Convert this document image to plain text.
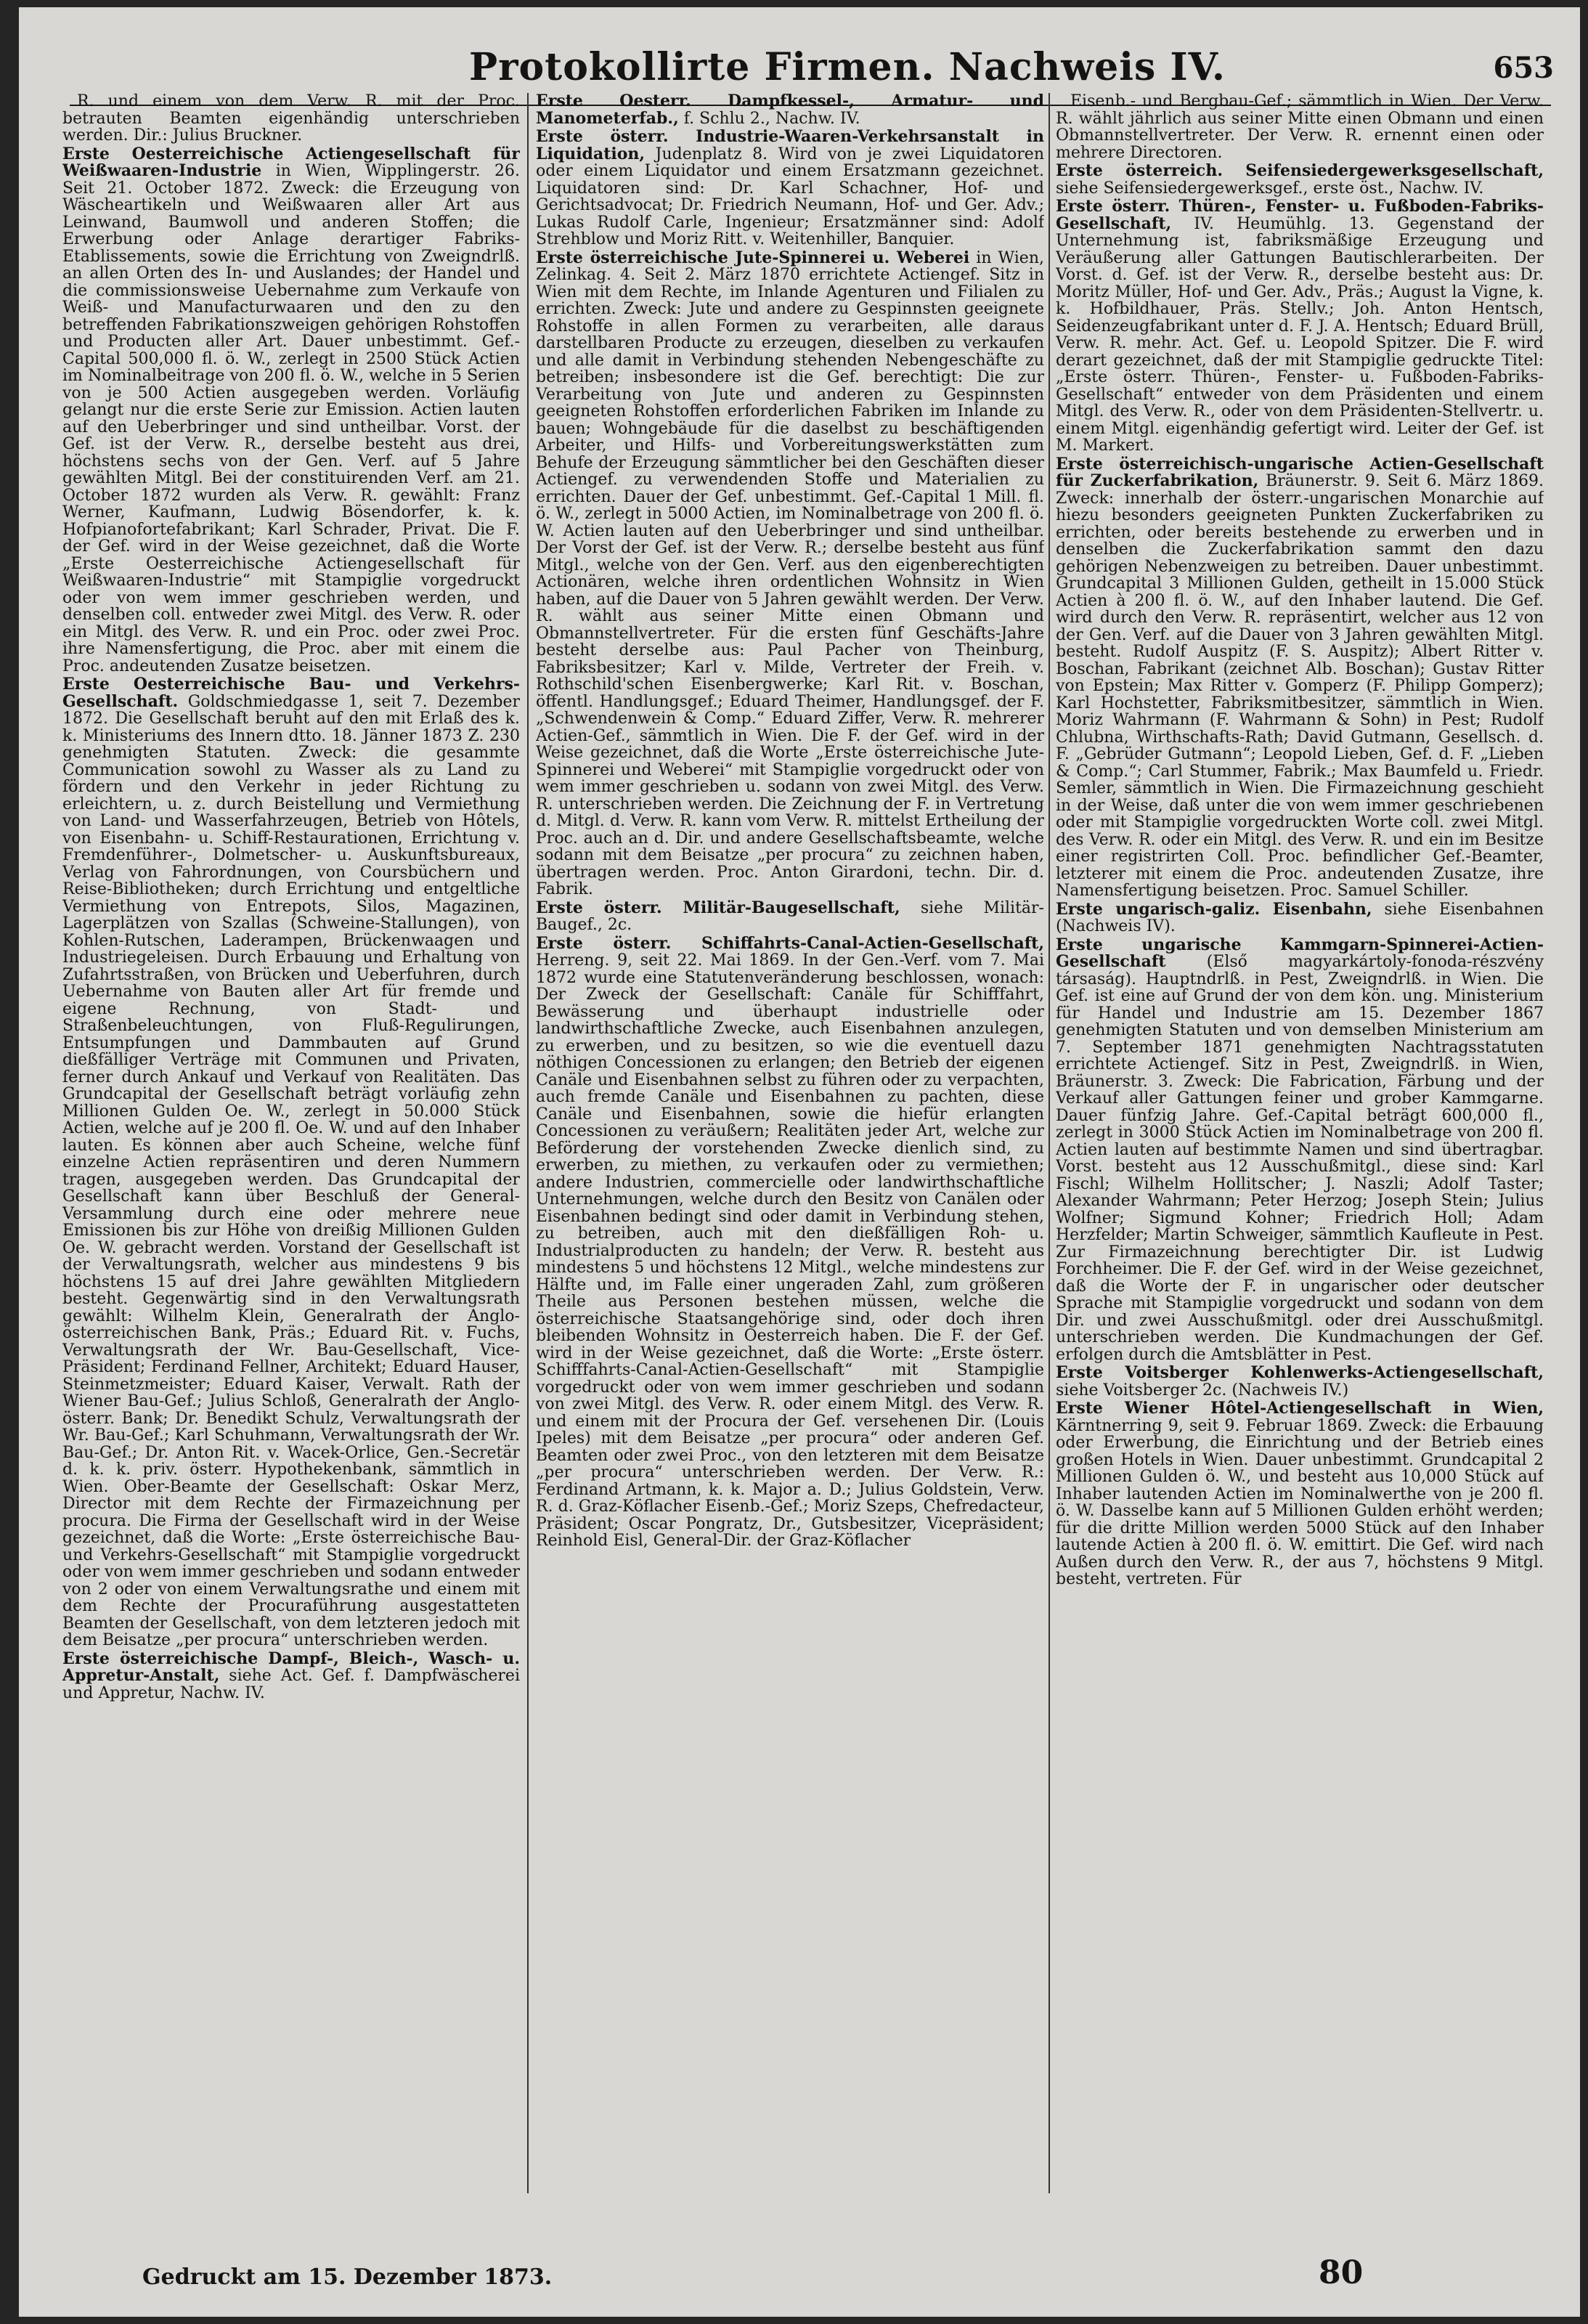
Protokollirte Firmen. Nachweis IV.	653

R. und einem von dem Verw. R. mit der Proc. betrauten Beamten eigenhändig unterschrieben werden. Dir.: Julius Bruckner.

Erste Oesterreichische Actiengesellschaft für Weißwaaren-Industrie in Wien, Wipplingerstr. 26. Seit 21. October 1872. Zweck: die Erzeugung von Wäscheartikeln und Weißwaaren aller Art aus Leinwand, Baumwoll und anderen Stoffen; die Erwerbung oder Anlage derartiger Fabriks-Etablissements, sowie die Errichtung von Zweigndrlß. an allen Orten des In- und Auslandes; der Handel und die commissionsweise Uebernahme zum Verkaufe von Weiß- und Manufacturwaaren und den zu den betreffenden Fabrikationszweigen gehörigen Rohstoffen und Producten aller Art. Dauer unbestimmt. Gef.-Capital 500,000 fl. ö. W., zerlegt in 2500 Stück Actien im Nominalbeitrage von 200 fl. ö. W., welche in 5 Serien von je 500 Actien ausgegeben werden. Vorläufig gelangt nur die erste Serie zur Emission. Actien lauten auf den Ueberbringer und sind untheilbar. Vorst. der Gef. ist der Verw. R., derselbe besteht aus drei, höchstens sechs von der Gen. Verf. auf 5 Jahre gewählten Mitgl. Bei der constituirenden Verf. am 21. October 1872 wurden als Verw. R. gewählt: Franz Werner, Kaufmann, Ludwig Bösendorfer, k. k. Hofpianofortefabrikant; Karl Schrader, Privat. Die F. der Gef. wird in der Weise gezeichnet, daß die Worte „Erste Oesterreichische Actiengesellschaft für Weißwaaren-Industrie“ mit Stampiglie vorgedruckt oder von wem immer geschrieben werden, und denselben coll. entweder zwei Mitgl. des Verw. R. oder ein Mitgl. des Verw. R. und ein Proc. oder zwei Proc. ihre Namensfertigung, die Proc. aber mit einem die Proc. andeutenden Zusatze beisetzen.

Erste Oesterreichische Bau- und Verkehrs-Gesellschaft. Goldschmiedgasse 1, seit 7. Dezember 1872. Die Gesellschaft beruht auf den mit Erlaß des k. k. Ministeriums des Innern dtto. 18. Jänner 1873 Z. 230 genehmigten Statuten. Zweck: die gesammte Communication sowohl zu Wasser als zu Land zu fördern und den Verkehr in jeder Richtung zu erleichtern, u. z. durch Beistellung und Vermiethung von Land- und Wasserfahrzeugen, Betrieb von Hôtels, von Eisenbahn- u. Schiff-Restaurationen, Errichtung v. Fremdenführer-, Dolmetscher- u. Auskunftsbureaux, Verlag von Fahrordnungen, von Coursbüchern und Reise-Bibliotheken; durch Errichtung und entgeltliche Vermiethung von Entrepots, Silos, Magazinen, Lagerplätzen von Szallas (Schweine-Stallungen), von Kohlen-Rutschen, Laderampen, Brückenwaagen und Industriegeleisen. Durch Erbauung und Erhaltung von Zufahrtsstraßen, von Brücken und Ueberfuhren, durch Uebernahme von Bauten aller Art für fremde und eigene Rechnung, von Stadt- und Straßenbeleuchtungen, von Fluß-Regulirungen, Entsumpfungen und Dammbauten auf Grund dießfälliger Verträge mit Communen und Privaten, ferner durch Ankauf und Verkauf von Realitäten. Das Grundcapital der Gesellschaft beträgt vorläufig zehn Millionen Gulden Oe. W., zerlegt in 50.000 Stück Actien, welche auf je 200 fl. Oe. W. und auf den Inhaber lauten. Es können aber auch Scheine, welche fünf einzelne Actien repräsentiren und deren Nummern tragen, ausgegeben werden. Das Grundcapital der Gesellschaft kann über Beschluß der General-Versammlung durch eine oder mehrere neue Emissionen bis zur Höhe von dreißig Millionen Gulden Oe. W. gebracht werden. Vorstand der Gesellschaft ist der Verwaltungsrath, welcher aus mindestens 9 bis höchstens 15 auf drei Jahre gewählten Mitgliedern besteht. Gegenwärtig sind in den Verwaltungsrath gewählt: Wilhelm Klein, Generalrath der Anglo-österreichischen Bank, Präs.; Eduard Rit. v. Fuchs, Verwaltungsrath der Wr. Bau-Gesellschaft, Vice-Präsident; Ferdinand Fellner, Architekt; Eduard Hauser, Steinmetzmeister; Eduard Kaiser, Verwalt. Rath der Wiener Bau-Gef.; Julius Schloß, Generalrath der Anglo-österr. Bank; Dr. Benedikt Schulz, Verwaltungsrath der Wr. Bau-Gef.; Karl Schuhmann, Verwaltungsrath der Wr. Bau-Gef.; Dr. Anton Rit. v. Wacek-Orlice, Gen.-Secretär d. k. k. priv. österr. Hypothekenbank, sämmtlich in Wien. Ober-Beamte der Gesellschaft: Oskar Merz, Director mit dem Rechte der Firmazeichnung per procura. Die Firma der Gesellschaft wird in der Weise gezeichnet, daß die Worte: „Erste österreichische Bau- und Verkehrs-Gesellschaft“ mit Stampiglie vorgedruckt oder von wem immer geschrieben und sodann entweder von 2 oder von einem Verwaltungsrathe und einem mit dem Rechte der Procuraführung ausgestatteten Beamten der Gesellschaft, von dem letzteren jedoch mit dem Beisatze „per procura“ unterschrieben werden.

Erste österreichische Dampf-, Bleich-, Wasch- u. Appretur-Anstalt, siehe Act. Gef. f. Dampfwäscherei und Appretur, Nachw. IV.

Erste Oesterr. Dampfkessel-, Armatur- und Manometerfab., f. Schlu 2., Nachw. IV.

Erste österr. Industrie-Waaren-Verkehrsanstalt in Liquidation, Judenplatz 8. Wird von je zwei Liquidatoren oder einem Liquidator und einem Ersatzmann gezeichnet. Liquidatoren sind: Dr. Karl Schachner, Hof- und Gerichtsadvocat; Dr. Friedrich Neumann, Hof- und Ger. Adv.; Lukas Rudolf Carle, Ingenieur; Ersatzmänner sind: Adolf Strehblow und Moriz Ritt. v. Weitenhiller, Banquier.

Erste österreichische Jute-Spinnerei u. Weberei in Wien, Zelinkag. 4. Seit 2. März 1870 errichtete Actiengef. Sitz in Wien mit dem Rechte, im Inlande Agenturen und Filialen zu errichten. Zweck: Jute und andere zu Gespinnsten geeignete Rohstoffe in allen Formen zu verarbeiten, alle daraus darstellbaren Producte zu erzeugen, dieselben zu verkaufen und alle damit in Verbindung stehenden Nebengeschäfte zu betreiben; insbesondere ist die Gef. berechtigt: Die zur Verarbeitung von Jute und anderen zu Gespinnsten geeigneten Rohstoffen erforderlichen Fabriken im Inlande zu bauen; Wohngebäude für die daselbst zu beschäftigenden Arbeiter, und Hilfs- und Vorbereitungswerkstätten zum Behufe der Erzeugung sämmtlicher bei den Geschäften dieser Actiengef. zu verwendenden Stoffe und Materialien zu errichten. Dauer der Gef. unbestimmt. Gef.-Capital 1 Mill. fl. ö. W., zerlegt in 5000 Actien, im Nominalbetrage von 200 fl. ö. W. Actien lauten auf den Ueberbringer und sind untheilbar. Der Vorst der Gef. ist der Verw. R.; derselbe besteht aus fünf Mitgl., welche von der Gen. Verf. aus den eigenberechtigten Actionären, welche ihren ordentlichen Wohnsitz in Wien haben, auf die Dauer von 5 Jahren gewählt werden. Der Verw. R. wählt aus seiner Mitte einen Obmann und Obmannstellvertreter. Für die ersten fünf Geschäfts-Jahre besteht derselbe aus: Paul Pacher von Theinburg, Fabriksbesitzer; Karl v. Milde, Vertreter der Freih. v. Rothschild'schen Eisenbergwerke; Karl Rit. v. Boschan, öffentl. Handlungsgef.; Eduard Theimer, Handlungsgef. der F. „Schwendenwein & Comp.“ Eduard Ziffer, Verw. R. mehrerer Actien-Gef., sämmtlich in Wien. Die F. der Gef. wird in der Weise gezeichnet, daß die Worte „Erste österreichische Jute-Spinnerei und Weberei“ mit Stampiglie vorgedruckt oder von wem immer geschrieben u. sodann von zwei Mitgl. des Verw. R. unterschrieben werden. Die Zeichnung der F. in Vertretung d. Mitgl. d. Verw. R. kann vom Verw. R. mittelst Ertheilung der Proc. auch an d. Dir. und andere Gesellschaftsbeamte, welche sodann mit dem Beisatze „per procura“ zu zeichnen haben, übertragen werden. Proc. Anton Girardoni, techn. Dir. d. Fabrik.

Erste österr. Militär-Baugesellschaft, siehe Militär-Baugef., 2c.

Erste österr. Schiffahrts-Canal-Actien-Gesellschaft, Herreng. 9, seit 22. Mai 1869. In der Gen.-Verf. vom 7. Mai 1872 wurde eine Statutenveränderung beschlossen, wonach: Der Zweck der Gesellschaft: Canäle für Schifffahrt, Bewässerung und überhaupt industrielle oder landwirthschaftliche Zwecke, auch Eisenbahnen anzulegen, zu erwerben, und zu besitzen, so wie die eventuell dazu nöthigen Concessionen zu erlangen; den Betrieb der eigenen Canäle und Eisenbahnen selbst zu führen oder zu verpachten, auch fremde Canäle und Eisenbahnen zu pachten, diese Canäle und Eisenbahnen, sowie die hiefür erlangten Concessionen zu veräußern; Realitäten jeder Art, welche zur Beförderung der vorstehenden Zwecke dienlich sind, zu erwerben, zu miethen, zu verkaufen oder zu vermiethen; andere Industrien, commercielle oder landwirthschaftliche Unternehmungen, welche durch den Besitz von Canälen oder Eisenbahnen bedingt sind oder damit in Verbindung stehen, zu betreiben, auch mit den dießfälligen Roh- u. Industrialproducten zu handeln; der Verw. R. besteht aus mindestens 5 und höchstens 12 Mitgl., welche mindestens zur Hälfte und, im Falle einer ungeraden Zahl, zum größeren Theile aus Personen bestehen müssen, welche die österreichische Staatsangehörige sind, oder doch ihren bleibenden Wohnsitz in Oesterreich haben. Die F. der Gef. wird in der Weise gezeichnet, daß die Worte: „Erste österr. Schifffahrts-Canal-Actien-Gesellschaft“ mit Stampiglie vorgedruckt oder von wem immer geschrieben und sodann von zwei Mitgl. des Verw. R. oder einem Mitgl. des Verw. R. und einem mit der Procura der Gef. versehenen Dir. (Louis Ipeles) mit dem Beisatze „per procura“ oder anderen Gef. Beamten oder zwei Proc., von den letzteren mit dem Beisatze „per procura“ unterschrieben werden. Der Verw. R.: Ferdinand Artmann, k. k. Major a. D.; Julius Goldstein, Verw. R. d. Graz-Köflacher Eisenb.-Gef.; Moriz Szeps, Chefredacteur, Präsident; Oscar Pongratz, Dr., Gutsbesitzer, Vicepräsident; Reinhold Eisl, General-Dir. der Graz-Köflacher

Eisenb.- und Bergbau-Gef.; sämmtlich in Wien. Der Verw. R. wählt jährlich aus seiner Mitte einen Obmann und einen Obmannstellvertreter. Der Verw. R. ernennt einen oder mehrere Directoren.

Erste österreich. Seifensiedergewerksgesellschaft, siehe Seifensiedergewerksgef., erste öst., Nachw. IV.

Erste österr. Thüren-, Fenster- u. Fußboden-Fabriks-Gesellschaft, IV. Heumühlg. 13. Gegenstand der Unternehmung ist, fabriksmäßige Erzeugung und Veräußerung aller Gattungen Bautischlerarbeiten. Der Vorst. d. Gef. ist der Verw. R., derselbe besteht aus: Dr. Moritz Müller, Hof- und Ger. Adv., Präs.; August la Vigne, k. k. Hofbildhauer, Präs. Stellv.; Joh. Anton Hentsch, Seidenzeugfabrikant unter d. F. J. A. Hentsch; Eduard Brüll, Verw. R. mehr. Act. Gef. u. Leopold Spitzer. Die F. wird derart gezeichnet, daß der mit Stampiglie gedruckte Titel: „Erste österr. Thüren-, Fenster- u. Fußboden-Fabriks-Gesellschaft“ entweder von dem Präsidenten und einem Mitgl. des Verw. R., oder von dem Präsidenten-Stellvertr. u. einem Mitgl. eigenhändig gefertigt wird. Leiter der Gef. ist M. Markert.

Erste österreichisch-ungarische Actien-Gesellschaft für Zuckerfabrikation, Bräunerstr. 9. Seit 6. März 1869. Zweck: innerhalb der österr.-ungarischen Monarchie auf hiezu besonders geeigneten Punkten Zuckerfabriken zu errichten, oder bereits bestehende zu erwerben und in denselben die Zuckerfabrikation sammt den dazu gehörigen Nebenzweigen zu betreiben. Dauer unbestimmt. Grundcapital 3 Millionen Gulden, getheilt in 15.000 Stück Actien à 200 fl. ö. W., auf den Inhaber lautend. Die Gef. wird durch den Verw. R. repräsentirt, welcher aus 12 von der Gen. Verf. auf die Dauer von 3 Jahren gewählten Mitgl. besteht. Rudolf Auspitz (F. S. Auspitz); Albert Ritter v. Boschan, Fabrikant (zeichnet Alb. Boschan); Gustav Ritter von Epstein; Max Ritter v. Gomperz (F. Philipp Gomperz); Karl Hochstetter, Fabriksmitbesitzer, sämmtlich in Wien. Moriz Wahrmann (F. Wahrmann & Sohn) in Pest; Rudolf Chlubna, Wirthschafts-Rath; David Gutmann, Gesellsch. d. F. „Gebrüder Gutmann“; Leopold Lieben, Gef. d. F. „Lieben & Comp.“; Carl Stummer, Fabrik.; Max Baumfeld u. Friedr. Semler, sämmtlich in Wien. Die Firmazeichnung geschieht in der Weise, daß unter die von wem immer geschriebenen oder mit Stampiglie vorgedruckten Worte coll. zwei Mitgl. des Verw. R. oder ein Mitgl. des Verw. R. und ein im Besitze einer registrirten Coll. Proc. befindlicher Gef.-Beamter, letzterer mit einem die Proc. andeutenden Zusatze, ihre Namensfertigung beisetzen. Proc. Samuel Schiller.

Erste ungarisch-galiz. Eisenbahn, siehe Eisenbahnen (Nachweis IV).

Erste ungarische Kammgarn-Spinnerei-Actien-Gesellschaft	(Első magyarkártoly-fonoda-részvény társaság). Hauptndrlß. in Pest, Zweigndrlß. in Wien. Die Gef. ist eine auf Grund der von dem kön. ung. Ministerium für Handel und Industrie am 15. Dezember 1867 genehmigten Statuten und von demselben Ministerium am 7. September 1871 genehmigten Nachtragsstatuten errichtete Actiengef. Sitz in Pest, Zweigndrlß. in Wien, Bräunerstr. 3. Zweck: Die Fabrication, Färbung und der Verkauf aller Gattungen feiner und grober Kammgarne. Dauer fünfzig Jahre. Gef.-Capital beträgt 600,000 fl., zerlegt in 3000 Stück Actien im Nominalbetrage von 200 fl. Actien lauten auf bestimmte Namen und sind übertragbar. Vorst. besteht aus 12 Ausschußmitgl., diese sind: Karl Fischl; Wilhelm Hollitscher; J. Naszli; Adolf Taster; Alexander Wahrmann; Peter Herzog; Joseph Stein; Julius Wolfner; Sigmund Kohner; Friedrich Holl; Adam Herzfelder; Martin Schweiger, sämmtlich Kaufleute in Pest. Zur Firmazeichnung berechtigter Dir. ist Ludwig Forchheimer. Die F. der Gef. wird in der Weise gezeichnet, daß die Worte der F. in ungarischer oder deutscher Sprache mit Stampiglie vorgedruckt und sodann von dem Dir. und zwei Ausschußmitgl. oder drei Ausschußmitgl. unterschrieben werden. Die Kundmachungen der Gef. erfolgen durch die Amtsblätter in Pest.

Erste Voitsberger Kohlenwerks-Actiengesellschaft, siehe Voitsberger 2c. (Nachweis IV.)

Erste Wiener Hôtel-Actiengesellschaft in Wien, Kärntnerring 9, seit 9. Februar 1869. Zweck: die Erbauung oder Erwerbung, die Einrichtung und der Betrieb eines großen Hotels in Wien. Dauer unbestimmt. Grundcapital 2 Millionen Gulden ö. W., und besteht aus 10,000 Stück auf Inhaber lautenden Actien im Nominalwerthe von je 200 fl. ö. W. Dasselbe kann auf 5 Millionen Gulden erhöht werden; für die dritte Million werden 5000 Stück auf den Inhaber lautende Actien à 200 fl. ö. W. emittirt. Die Gef. wird nach Außen durch den Verw. R., der aus 7, höchstens 9 Mitgl. besteht, vertreten. Für

Gedruckt am 15. Dezember 1873.	80
